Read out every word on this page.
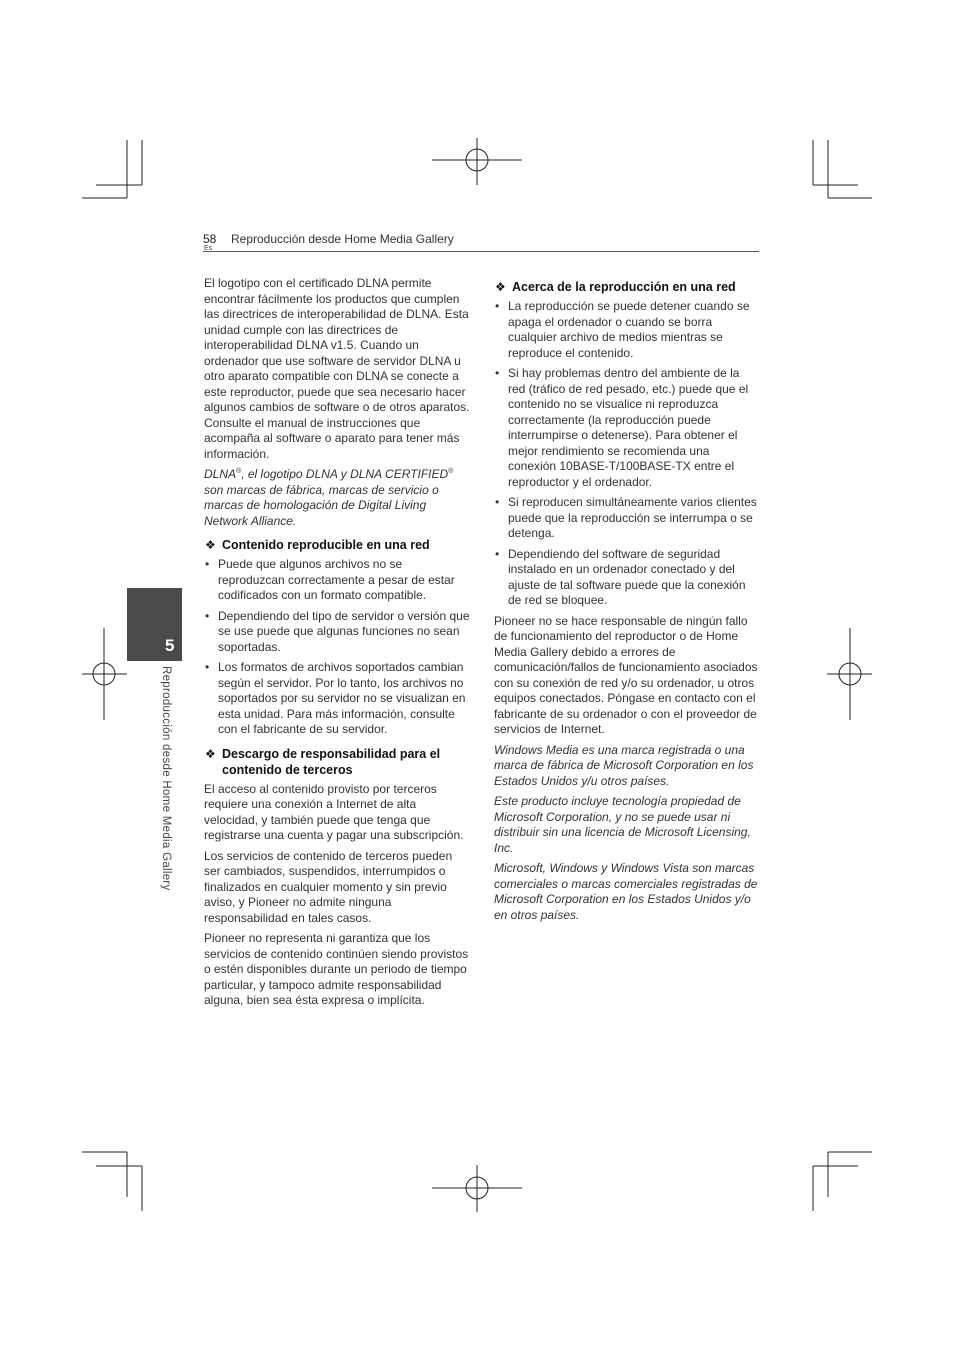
58
Es
Reproducción desde Home Media Gallery
5
Reproducción desde Home Media Gallery

El logotipo con el certificado DLNA permite encontrar fácilmente los productos que cumplen las directrices de interoperabilidad de DLNA. Esta unidad cumple con las directrices de interoperabilidad DLNA v1.5. Cuando un ordenador que use software de servidor DLNA u otro aparato compatible con DLNA se conecte a este reproductor, puede que sea necesario hacer algunos cambios de software o de otros aparatos. Consulte el manual de instrucciones que acompaña al software o aparato para tener más información.

DLNA®, el logotipo DLNA y DLNA CERTIFIED® son marcas de fábrica, marcas de servicio o marcas de homologación de Digital Living Network Alliance.

❖ Contenido reproducible en una red
• Puede que algunos archivos no se reproduzcan correctamente a pesar de estar codificados con un formato compatible.
• Dependiendo del tipo de servidor o versión que se use puede que algunas funciones no sean soportadas.
• Los formatos de archivos soportados cambian según el servidor. Por lo tanto, los archivos no soportados por su servidor no se visualizan en esta unidad. Para más información, consulte con el fabricante de su servidor.
❖ Descargo de responsabilidad para el contenido de terceros

El acceso al contenido provisto por terceros requiere una conexión a Internet de alta velocidad, y también puede que tenga que registrarse una cuenta y pagar una subscripción.

Los servicios de contenido de terceros pueden ser cambiados, suspendidos, interrumpidos o finalizados en cualquier momento y sin previo aviso, y Pioneer no admite ninguna responsabilidad en tales casos.

Pioneer no representa ni garantiza que los servicios de contenido continúen siendo provistos o estén disponibles durante un periodo de tiempo particular, y tampoco admite responsabilidad alguna, bien sea ésta expresa o implícita.

❖ Acerca de la reproducción en una red
• La reproducción se puede detener cuando se apaga el ordenador o cuando se borra cualquier archivo de medios mientras se reproduce el contenido.
• Si hay problemas dentro del ambiente de la red (tráfico de red pesado, etc.) puede que el contenido no se visualice ni reproduzca correctamente (la reproducción puede interrumpirse o detenerse). Para obtener el mejor rendimiento se recomienda una conexión 10BASE-T/100BASE-TX entre el reproductor y el ordenador.
• Si reproducen simultáneamente varios clientes puede que la reproducción se interrumpa o se detenga.
• Dependiendo del software de seguridad instalado en un ordenador conectado y del ajuste de tal software puede que la conexión de red se bloquee.

Pioneer no se hace responsable de ningún fallo de funcionamiento del reproductor o de Home Media Gallery debido a errores de comunicación/fallos de funcionamiento asociados con su conexión de red y/o su ordenador, u otros equipos conectados. Póngase en contacto con el fabricante de su ordenador o con el proveedor de servicios de Internet.

Windows Media es una marca registrada o una marca de fábrica de Microsoft Corporation en los Estados Unidos y/u otros países.

Este producto incluye tecnología propiedad de Microsoft Corporation, y no se puede usar ni distribuir sin una licencia de Microsoft Licensing, Inc.

Microsoft, Windows y Windows Vista son marcas comerciales o marcas comerciales registradas de Microsoft Corporation en los Estados Unidos y/o en otros países.
